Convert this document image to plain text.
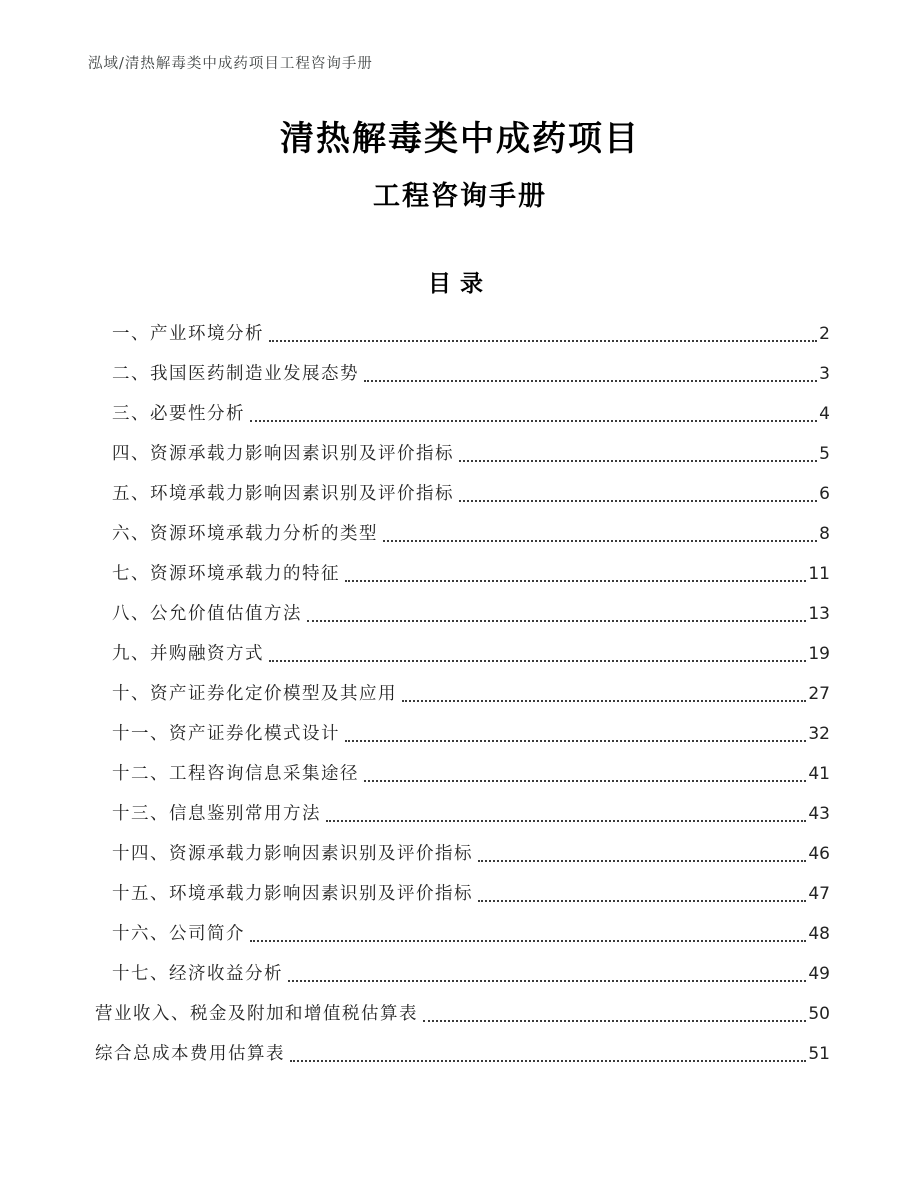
泓域/清热解毒类中成药项目工程咨询手册
清热解毒类中成药项目
工程咨询手册
目录
一、产业环境分析	2
二、我国医药制造业发展态势	3
三、必要性分析	4
四、资源承载力影响因素识别及评价指标	5
五、环境承载力影响因素识别及评价指标	6
六、资源环境承载力分析的类型	8
七、资源环境承载力的特征	11
八、公允价值估值方法	13
九、并购融资方式	19
十、资产证券化定价模型及其应用	27
十一、资产证券化模式设计	32
十二、工程咨询信息采集途径	41
十三、信息鉴别常用方法	43
十四、资源承载力影响因素识别及评价指标	46
十五、环境承载力影响因素识别及评价指标	47
十六、公司简介	48
十七、经济收益分析	49
营业收入、税金及附加和增值税估算表	50
综合总成本费用估算表	51
